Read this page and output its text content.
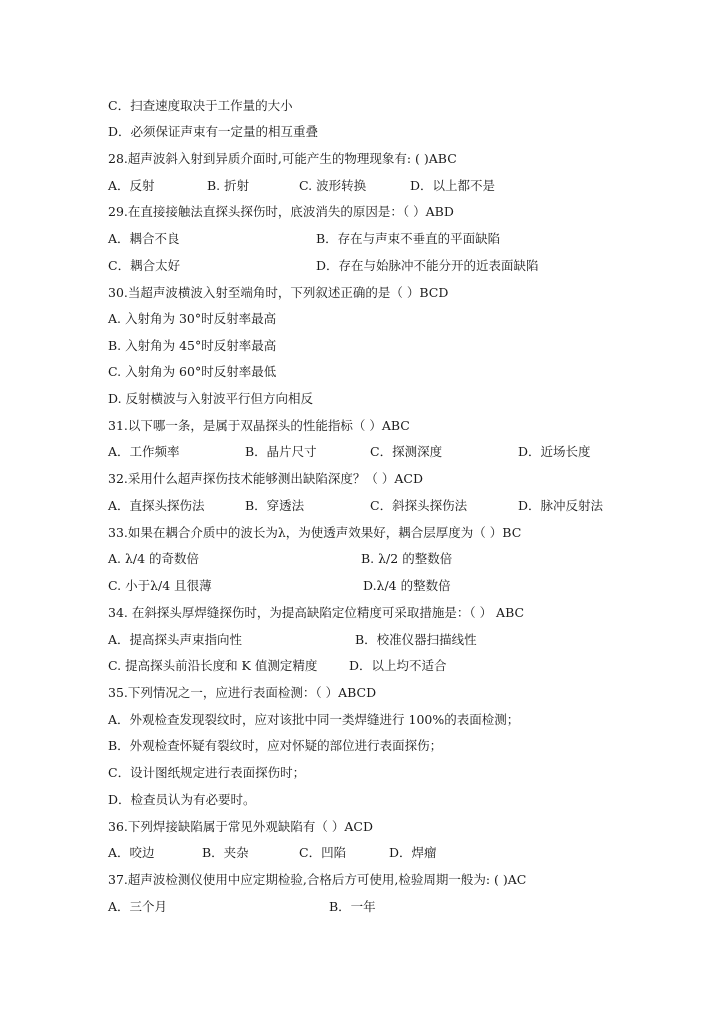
C．扫查速度取决于工作量的大小
D．必须保证声束有一定量的相互重叠
28.超声波斜入射到异质介面时,可能产生的物理现象有: ( )ABC
A．反射	B. 折射	C. 波形转换	D．以上都不是
29.在直接接触法直探头探伤时，底波消失的原因是：（ ）ABD
A．耦合不良	B．存在与声束不垂直的平面缺陷
C．耦合太好	D．存在与始脉冲不能分开的近表面缺陷
30.当超声波横波入射至端角时，下列叙述正确的是（ ）BCD
A. 入射角为 30°时反射率最高
B. 入射角为 45°时反射率最高
C. 入射角为 60°时反射率最低
D. 反射横波与入射波平行但方向相反
31.以下哪一条，是属于双晶探头的性能指标（ ）ABC
A．工作频率	B．晶片尺寸	C．探测深度	D．近场长度
32.采用什么超声探伤技术能够测出缺陷深度？（ ）ACD
A．直探头探伤法	B．穿透法	C．斜探头探伤法	D．脉冲反射法
33.如果在耦合介质中的波长为λ，为使透声效果好，耦合层厚度为（ ）BC
A. λ/4 的奇数倍	B. λ/2 的整数倍
C. 小于λ/4 且很薄	D.λ/4 的整数倍
34. 在斜探头厚焊缝探伤时，为提高缺陷定位精度可采取措施是：（ ） ABC
A．提高探头声束指向性	B．校准仪器扫描线性
C. 提高探头前沿长度和 K 值测定精度	D．以上均不适合
35.下列情况之一，应进行表面检测：（ ）ABCD
A．外观检查发现裂纹时，应对该批中同一类焊缝进行 100%的表面检测；
B．外观检查怀疑有裂纹时，应对怀疑的部位进行表面探伤；
C．设计图纸规定进行表面探伤时；
D．检查员认为有必要时。
36.下列焊接缺陷属于常见外观缺陷有（ ）ACD
A．咬边	B．夹杂	C．凹陷	D．焊瘤
37.超声波检测仪使用中应定期检验,合格后方可使用,检验周期一般为: ( )AC
A．三个月	B．一年
